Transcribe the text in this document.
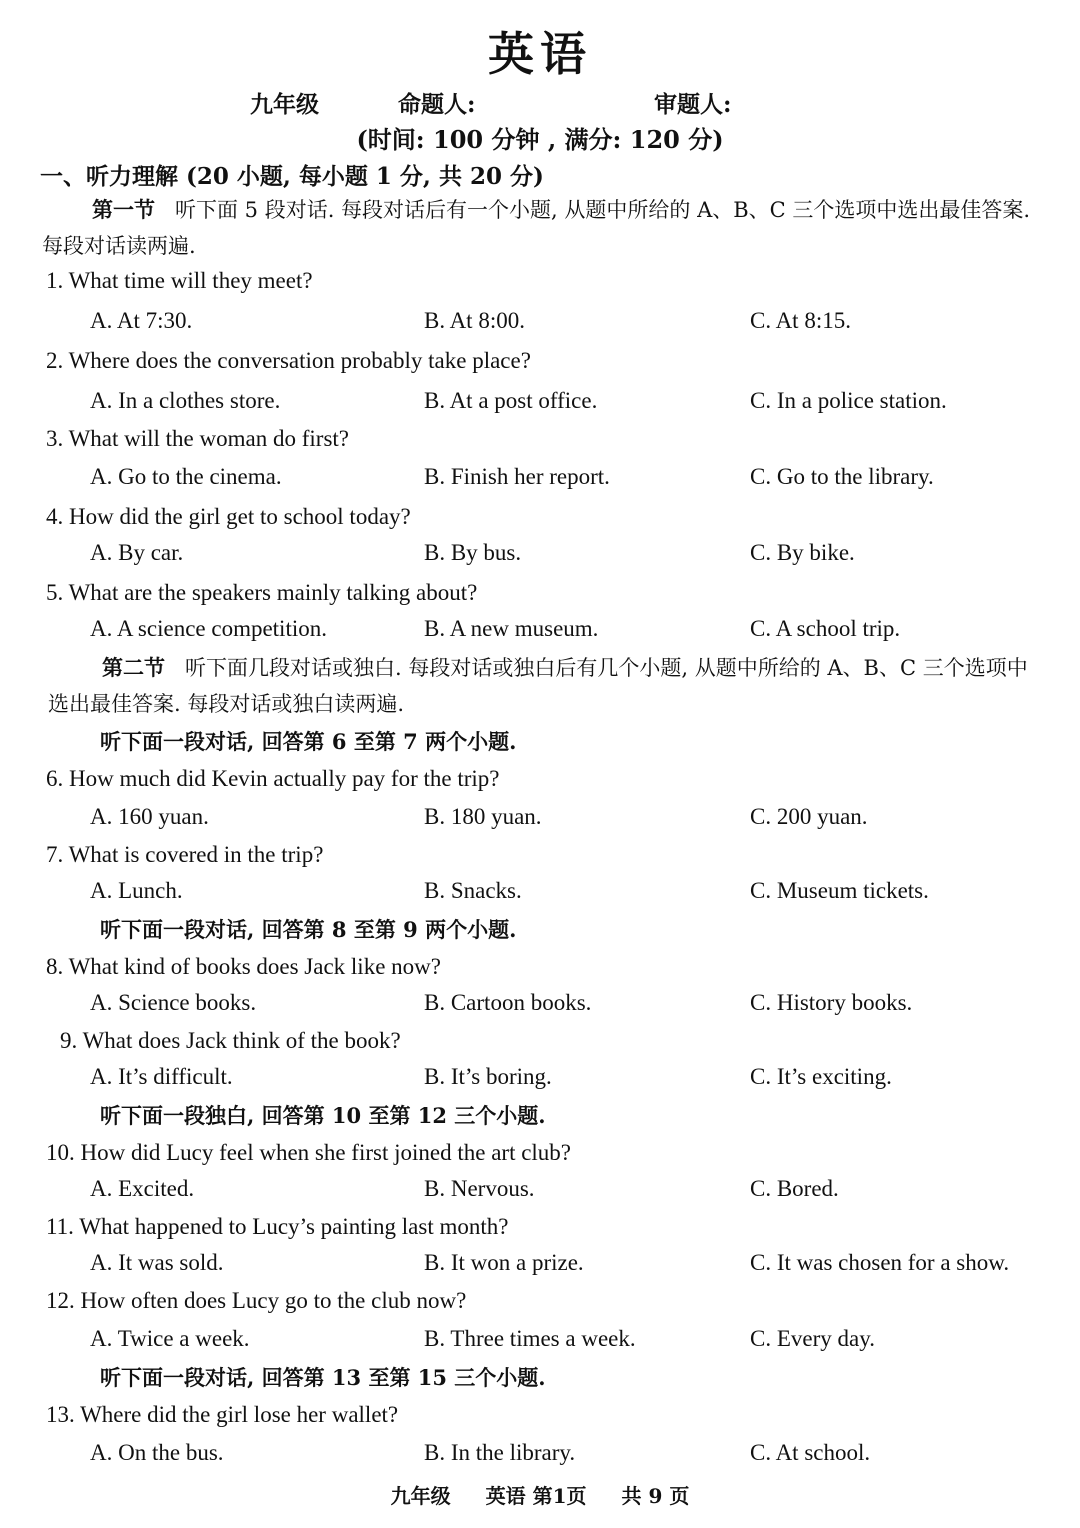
英语
九年级	命题人:	审题人:
(时间: 100 分钟 , 满分: 120 分)
一、听力理解 (20 小题, 每小题 1 分, 共 20 分)
第一节 听下面 5 段对话. 每段对话后有一个小题, 从题中所给的 A、B、C 三个选项中选出最佳答案. 每段对话读两遍.
1. What time will they meet?
A. At 7:30.	B. At 8:00.	C. At 8:15.
2. Where does the conversation probably take place?
A. In a clothes store.	B. At a post office.	C. In a police station.
3. What will the woman do first?
A. Go to the cinema.	B. Finish her report.	C. Go to the library.
4. How did the girl get to school today?
A. By car.	B. By bus.	C. By bike.
5. What are the speakers mainly talking about?
A. A science competition.	B. A new museum.	C. A school trip.
第二节 听下面几段对话或独白. 每段对话或独白后有几个小题, 从题中所给的 A、B、C 三个选项中选出最佳答案. 每段对话或独白读两遍.
听下面一段对话, 回答第 6 至第 7 两个小题.
6. How much did Kevin actually pay for the trip?
A. 160 yuan.	B. 180 yuan.	C. 200 yuan.
7. What is covered in the trip?
A. Lunch.	B. Snacks.	C. Museum tickets.
听下面一段对话, 回答第 8 至第 9 两个小题.
8. What kind of books does Jack like now?
A. Science books.	B. Cartoon books.	C. History books.
9. What does Jack think of the book?
A. It’s difficult.	B. It’s boring.	C. It’s exciting.
听下面一段独白, 回答第 10 至第 12 三个小题.
10. How did Lucy feel when she first joined the art club?
A. Excited.	B. Nervous.	C. Bored.
11. What happened to Lucy’s painting last month?
A. It was sold.	B. It won a prize.	C. It was chosen for a show.
12. How often does Lucy go to the club now?
A. Twice a week.	B. Three times a week.	C. Every day.
听下面一段对话, 回答第 13 至第 15 三个小题.
13. Where did the girl lose her wallet?
A. On the bus.	B. In the library.	C. At school.
九年级 英语 第1页 共 9 页
